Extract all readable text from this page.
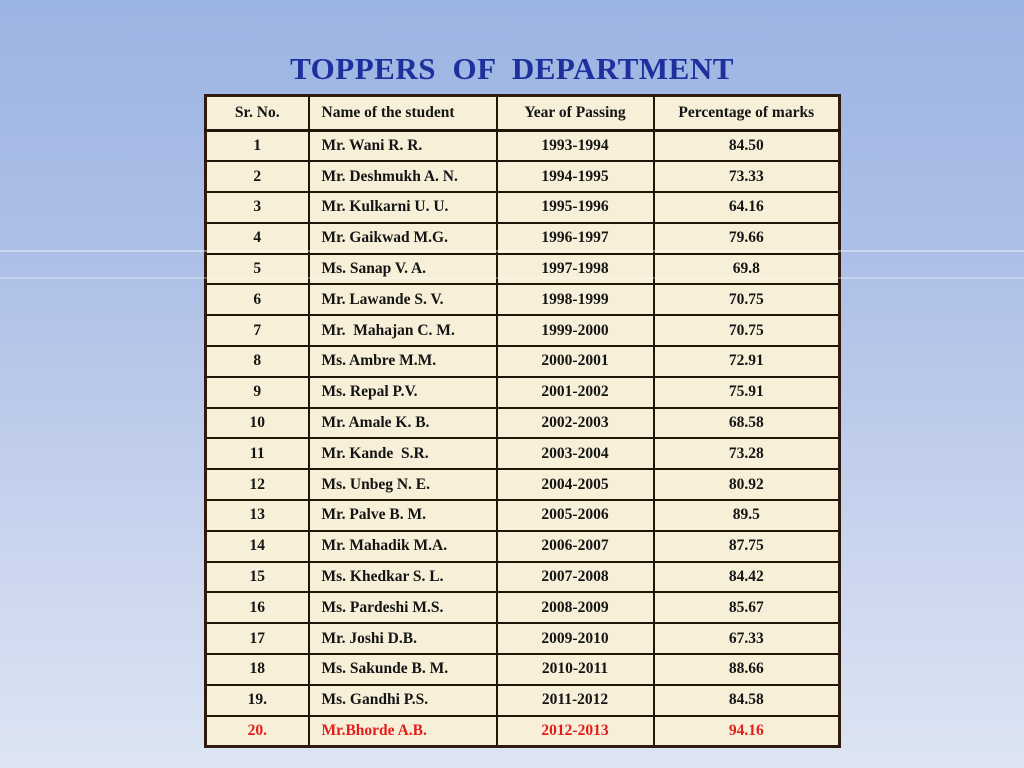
TOPPERS  OF  DEPARTMENT
Sr. No.	Name of the student	Year of Passing	Percentage of marks
1	Mr. Wani R. R.	1993-1994	84.50
2	Mr. Deshmukh A. N.	1994-1995	73.33
3	Mr. Kulkarni U. U.	1995-1996	64.16
4	Mr. Gaikwad M.G.	1996-1997	79.66
5	Ms. Sanap V. A.	1997-1998	69.8
6	Mr. Lawande S. V.	1998-1999	70.75
7	Mr.  Mahajan C. M.	1999-2000	70.75
8	Ms. Ambre M.M.	2000-2001	72.91
9	Ms. Repal P.V.	2001-2002	75.91
10	Mr. Amale K. B.	2002-2003	68.58
11	Mr. Kande  S.R.	2003-2004	73.28
12	Ms. Unbeg N. E.	2004-2005	80.92
13	Mr. Palve B. M.	2005-2006	89.5
14	Mr. Mahadik M.A.	2006-2007	87.75
15	Ms. Khedkar S. L.	2007-2008	84.42
16	Ms. Pardeshi M.S.	2008-2009	85.67
17	Mr. Joshi D.B.	2009-2010	67.33
18	Ms. Sakunde B. M.	2010-2011	88.66
19.	Ms. Gandhi P.S.	2011-2012	84.58
20.	Mr.Bhorde A.B.	2012-2013	94.16
